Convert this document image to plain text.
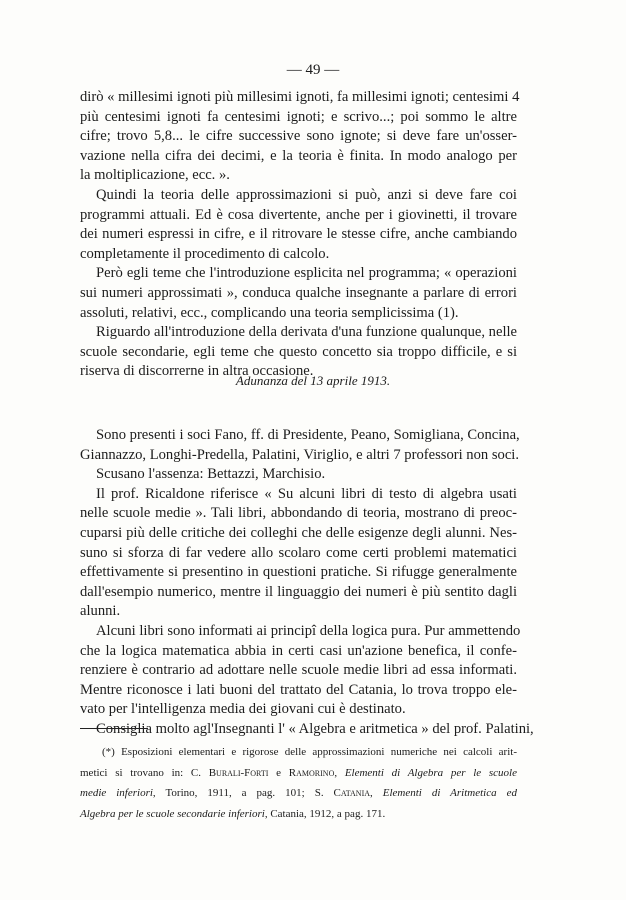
— 49 —

dirò « millesimi ignoti più millesimi ignoti, fa millesimi ignoti; centesimi 4

più centesimi ignoti fa centesimi ignoti; e scrivo...; poi sommo le altre

cifre; trovo 5,8... le cifre successive sono ignote; si deve fare un'osser-

vazione nella cifra dei decimi, e la teoria è finita. In modo analogo per

la moltiplicazione, ecc. ».

Quindi la teoria delle approssimazioni si può, anzi si deve fare coi

programmi attuali. Ed è cosa divertente, anche per i giovinetti, il trovare

dei numeri espressi in cifre, e il ritrovare le stesse cifre, anche cambiando

completamente il procedimento di calcolo.

Però egli teme che l'introduzione esplicita nel programma; « operazioni

sui numeri approssimati », conduca qualche insegnante a parlare di errori

assoluti, relativi, ecc., complicando una teoria semplicissima (1).

Riguardo all'introduzione della derivata d'una funzione qualunque, nelle

scuole secondarie, egli teme che questo concetto sia troppo difficile, e si

riserva di discorrerne in altra occasione.

Adunanza del 13 aprile 1913.

Sono presenti i soci Fano, ff. di Presidente, Peano, Somigliana, Concina,

Giannazzo, Longhi-Predella, Palatini, Viriglio, e altri 7 professori non soci.

Scusano l'assenza: Bettazzi, Marchisio.

Il prof. Ricaldone riferisce « Su alcuni libri di testo di algebra usati

nelle scuole medie ». Tali libri, abbondando di teoria, mostrano di preoc-

cuparsi più delle critiche dei colleghi che delle esigenze degli alunni. Nes-

suno si sforza di far vedere allo scolaro come certi problemi matematici

effettivamente si presentino in questioni pratiche. Si rifugge generalmente

dall'esempio numerico, mentre il linguaggio dei numeri è più sentito dagli

alunni.

Alcuni libri sono informati ai principî della logica pura. Pur ammettendo

che la logica matematica abbia in certi casi un'azione benefica, il confe-

renziere è contrario ad adottare nelle scuole medie libri ad essa informati.

Mentre riconosce i lati buoni del trattato del Catania, lo trova troppo ele-

vato per l'intelligenza media dei giovani cui è destinato.

Consiglia molto agl'Insegnanti l' « Algebra e aritmetica » del prof. Palatini,

(*) Esposizioni elementari e rigorose delle approssimazioni numeriche nei calcoli arit-

metici si trovano in: C. Burali-Forti e Ramorino, Elementi di Algebra per le scuole

medie inferiori, Torino, 1911, a pag. 101; S. Catania, Elementi di Aritmetica ed

Algebra per le scuole secondarie inferiori, Catania, 1912, a pag. 171.
